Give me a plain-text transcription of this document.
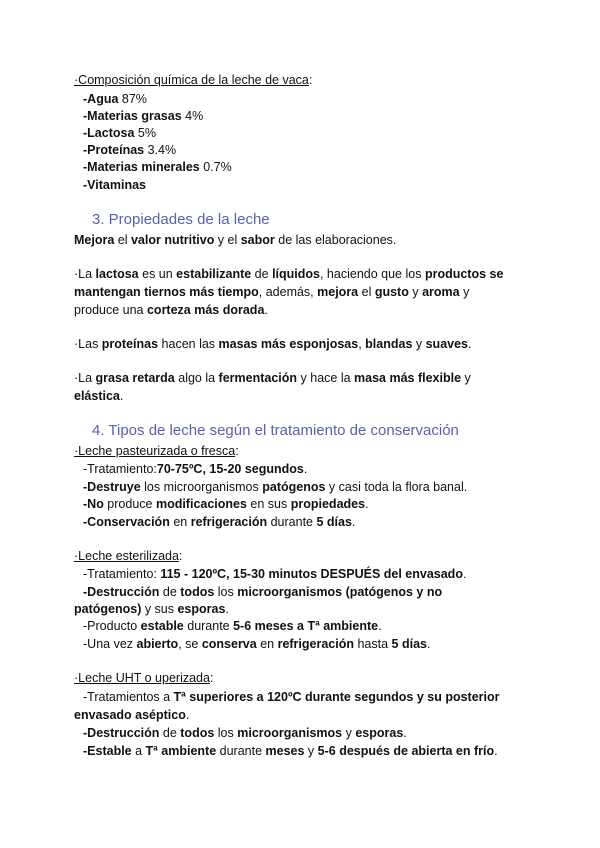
·Composición química de la leche de vaca:
-Agua 87%
-Materias grasas 4%
-Lactosa 5%
-Proteínas 3.4%
-Materias minerales 0.7%
-Vitaminas
3. Propiedades de la leche
Mejora el valor nutritivo y el sabor de las elaboraciones.
·La lactosa es un estabilizante de líquidos, haciendo que los productos se
mantengan tiernos más tiempo, además, mejora el gusto y aroma y
produce una corteza más dorada.
·Las proteínas hacen las masas más esponjosas, blandas y suaves.
·La grasa retarda algo la fermentación y hace la masa más flexible y
elástica.
4. Tipos de leche según el tratamiento de conservación
·Leche pasteurizada o fresca:
-Tratamiento:70-75ºC, 15-20 segundos.
-Destruye los microorganismos patógenos y casi toda la flora banal.
-No produce modificaciones en sus propiedades.
-Conservación en refrigeración durante 5 días.
·Leche esterilizada:
-Tratamiento: 115 - 120ºC, 15-30 minutos DESPUÉS del envasado.
-Destrucción de todos los microorganismos (patógenos y no
patógenos) y sus esporas.
-Producto estable durante 5-6 meses a Tª ambiente.
-Una vez abierto, se conserva en refrigeración hasta 5 días.
·Leche UHT o uperizada:
-Tratamientos a Tª superiores a 120ºC durante segundos y su posterior
envasado aséptico.
-Destrucción de todos los microorganismos y esporas.
-Estable a Tª ambiente durante meses y 5-6 después de abierta en frío.
